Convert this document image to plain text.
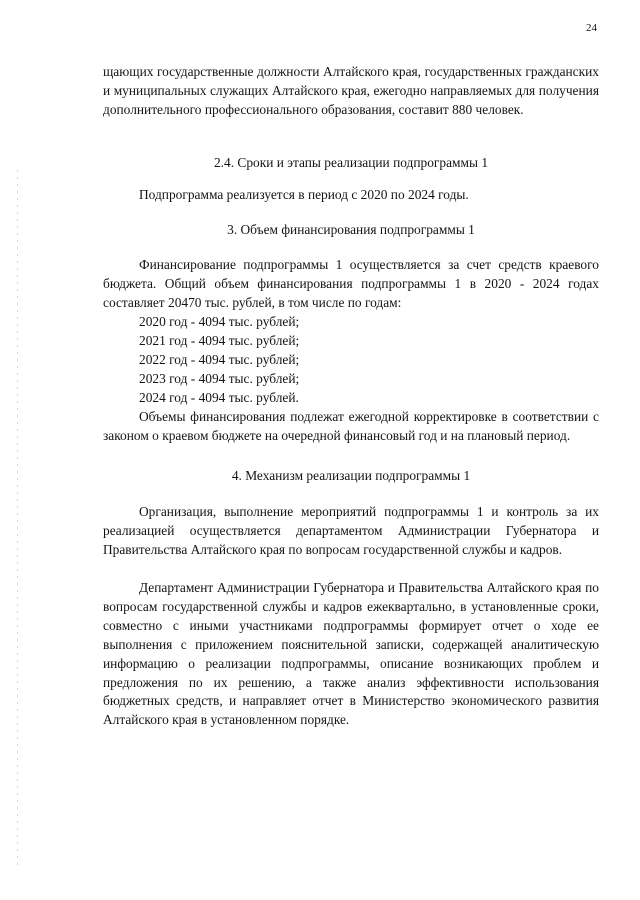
24
щающих государственные должности Алтайского края, государственных гражданских и муниципальных служащих Алтайского края, ежегодно направляемых для получения дополнительного профессионального образования, составит 880 человек.
2.4. Сроки и этапы реализации подпрограммы 1
Подпрограмма реализуется в период с 2020 по 2024 годы.
3. Объем финансирования подпрограммы 1
Финансирование подпрограммы 1 осуществляется за счет средств краевого бюджета. Общий объем финансирования подпрограммы 1 в 2020 - 2024 годах составляет 20470 тыс. рублей, в том числе по годам:
2020 год - 4094 тыс. рублей;
2021 год - 4094 тыс. рублей;
2022 год - 4094 тыс. рублей;
2023 год - 4094 тыс. рублей;
2024 год - 4094 тыс. рублей.
Объемы финансирования подлежат ежегодной корректировке в соответствии с законом о краевом бюджете на очередной финансовый год и на плановый период.
4. Механизм реализации подпрограммы 1
Организация, выполнение мероприятий подпрограммы 1 и контроль за их реализацией осуществляется департаментом Администрации Губернатора и Правительства Алтайского края по вопросам государственной службы и кадров.
Департамент Администрации Губернатора и Правительства Алтайского края по вопросам государственной службы и кадров ежеквартально, в установленные сроки, совместно с иными участниками подпрограммы формирует отчет о ходе ее выполнения с приложением пояснительной записки, содержащей аналитическую информацию о реализации подпрограммы, описание возникающих проблем и предложения по их решению, а также анализ эффективности использования бюджетных средств, и направляет отчет в Министерство экономического развития Алтайского края в установленном порядке.
